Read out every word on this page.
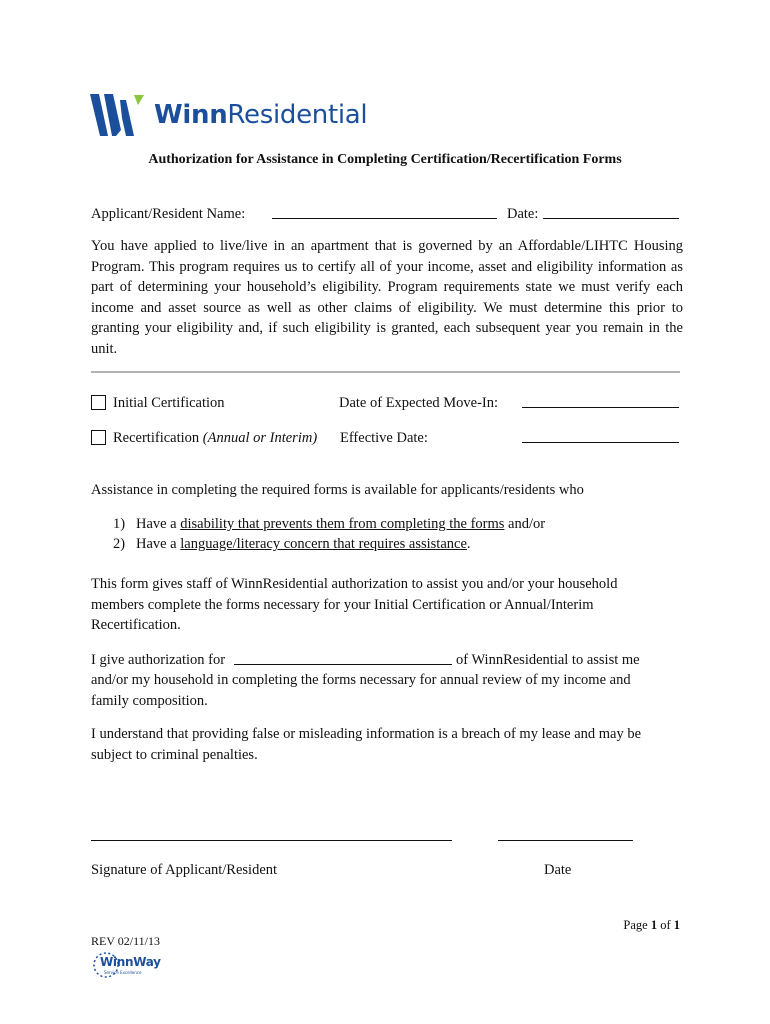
WinnResidential
Authorization for Assistance in Completing Certification/Recertification Forms
Applicant/Resident Name:	Date:
You have applied to live/live in an apartment that is governed by an Affordable/LIHTC Housing Program. This program requires us to certify all of your income, asset and eligibility information as part of determining your household’s eligibility. Program requirements state we must verify each income and asset source as well as other claims of eligibility. We must determine this prior to granting your eligibility and, if such eligibility is granted, each subsequent year you remain in the unit.
Initial Certification	Date of Expected Move-In:
Recertification (Annual or Interim) Effective Date:
Assistance in completing the required forms is available for applicants/residents who
1) Have a disability that prevents them from completing the forms and/or
2) Have a language/literacy concern that requires assistance.
This form gives staff of WinnResidential authorization to assist you and/or your household members complete the forms necessary for your Initial Certification or Annual/Interim Recertification.
I give authorization for	of WinnResidential to assist me
and/or my household in completing the forms necessary for annual review of my income and family composition.
I understand that providing false or misleading information is a breach of my lease and may be subject to criminal penalties.
Signature of Applicant/Resident	Date
Page 1 of 1
REV 02/11/13
WinnWay
Service Excellence
